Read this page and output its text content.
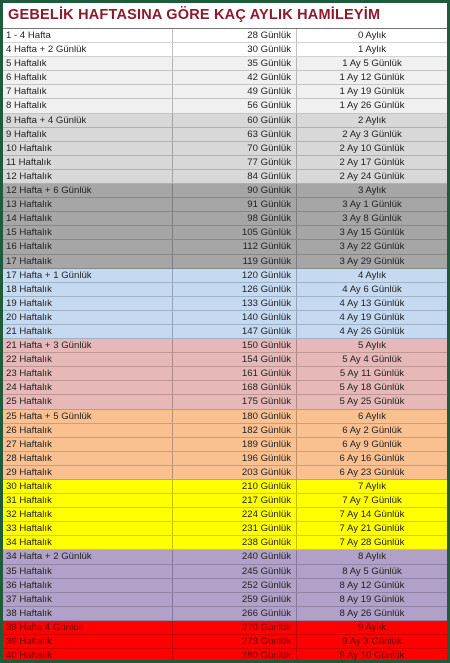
GEBELİK HAFTASINA GÖRE KAÇ AYLIK HAMİLEYİM
1 - 4 Hafta	28 Günlük	0 Aylık
4 Hafta + 2 Günlük	30 Günlük	1 Aylık
5 Haftalık	35 Günlük	1 Ay 5 Günlük
6 Haftalık	42 Günlük	1 Ay 12 Günlük
7 Haftalık	49 Günlük	1 Ay 19 Günlük
8 Haftalık	56 Günlük	1 Ay 26 Günlük
8 Hafta + 4 Günlük	60 Günlük	2 Aylık
9 Haftalık	63 Günlük	2 Ay 3 Günlük
10 Haftalık	70 Günlük	2 Ay 10 Günlük
11 Haftalık	77 Günlük	2 Ay 17 Günlük
12 Haftalık	84 Günlük	2 Ay 24 Günlük
12 Hafta + 6 Günlük	90 Günlük	3 Aylık
13 Haftalık	91 Günlük	3 Ay 1 Günlük
14 Haftalık	98 Günlük	3 Ay 8 Günlük
15 Haftalık	105 Günlük	3 Ay 15 Günlük
16 Haftalık	112 Günlük	3 Ay 22 Günlük
17 Haftalık	119 Günlük	3 Ay 29 Günlük
17 Hafta + 1 Günlük	120 Günlük	4 Aylık
18 Haftalık	126 Günlük	4 Ay 6 Günlük
19 Haftalık	133 Günlük	4 Ay 13 Günlük
20 Haftalık	140 Günlük	4 Ay 19 Günlük
21 Haftalık	147 Günlük	4 Ay 26 Günlük
21 Hafta + 3 Günlük	150 Günlük	5 Aylık
22 Haftalık	154 Günlük	5 Ay 4 Günlük
23 Haftalık	161 Günlük	5 Ay 11 Günlük
24 Haftalık	168 Günlük	5 Ay 18 Günlük
25 Haftalık	175 Günlük	5 Ay 25 Günlük
25 Hafta + 5 Günlük	180 Günlük	6 Aylık
26 Haftalık	182 Günlük	6 Ay 2 Günlük
27 Haftalık	189 Günlük	6 Ay 9 Günlük
28 Haftalık	196 Günlük	6 Ay 16 Günlük
29 Haftalık	203 Günlük	6 Ay 23 Günlük
30 Haftalık	210 Günlük	7 Aylık
31 Haftalık	217 Günlük	7 Ay 7 Günlük
32 Haftalık	224 Günlük	7 Ay 14 Günlük
33 Haftalık	231 Günlük	7 Ay 21 Günlük
34 Haftalık	238 Günlük	7 Ay 28 Günlük
34 Hafta + 2 Günlük	240 Günlük	8 Aylık
35 Haftalık	245 Günlük	8 Ay 5 Günlük
36 Haftalık	252 Günlük	8 Ay 12 Günlük
37 Haftalık	259 Günlük	8 Ay 19 Günlük
38 Haftalık	266 Günlük	8 Ay 26 Günlük
38 Hafta 4 Günlük	270 Günlük	9 Aylık
39 Haftalık	273 Günlük	9 Ay 3 Günlük
40 Haftalık	280 Günlük	9 Ay 10 Günlük
